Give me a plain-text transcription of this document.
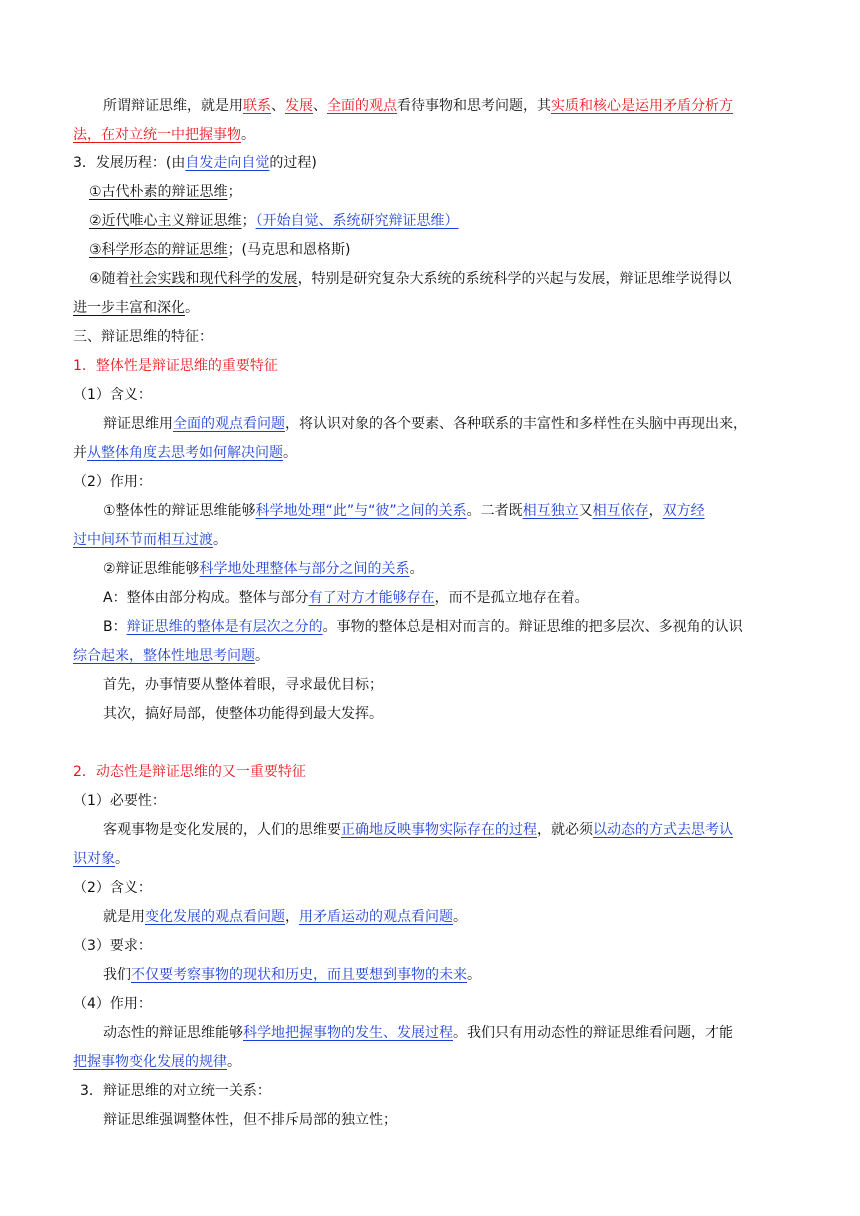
所谓辩证思维，就是用联系、发展、全面的观点看待事物和思考问题，其实质和核心是运用矛盾分析方
法，在对立统一中把握事物。
3．发展历程：(由自发走向自觉的过程)
①古代朴素的辩证思维；
②近代唯心主义辩证思维；（开始自觉、系统研究辩证思维）
③科学形态的辩证思维；(马克思和恩格斯)
④随着社会实践和现代科学的发展，特别是研究复杂大系统的系统科学的兴起与发展，辩证思维学说得以
进一步丰富和深化。
三、辩证思维的特征：
1．整体性是辩证思维的重要特征
（1）含义：
辩证思维用全面的观点看问题，将认识对象的各个要素、各种联系的丰富性和多样性在头脑中再现出来，
并从整体角度去思考如何解决问题。
（2）作用：
①整体性的辩证思维能够科学地处理“此”与“彼”之间的关系。二者既相互独立又相互依存，双方经
过中间环节而相互过渡。
②辩证思维能够科学地处理整体与部分之间的关系。
A：整体由部分构成。整体与部分有了对方才能够存在，而不是孤立地存在着。
B：辩证思维的整体是有层次之分的。事物的整体总是相对而言的。辩证思维的把多层次、多视角的认识
综合起来，整体性地思考问题。
首先，办事情要从整体着眼，寻求最优目标；
其次，搞好局部，使整体功能得到最大发挥。
2．动态性是辩证思维的又一重要特征
（1）必要性：
客观事物是变化发展的，人们的思维要正确地反映事物实际存在的过程，就必须以动态的方式去思考认
识对象。
（2）含义：
就是用变化发展的观点看问题，用矛盾运动的观点看问题。
（3）要求：
我们不仅要考察事物的现状和历史，而且要想到事物的未来。
（4）作用：
动态性的辩证思维能够科学地把握事物的发生、发展过程。我们只有用动态性的辩证思维看问题，才能
把握事物变化发展的规律。
3．辩证思维的对立统一关系：
辩证思维强调整体性，但不排斥局部的独立性；
